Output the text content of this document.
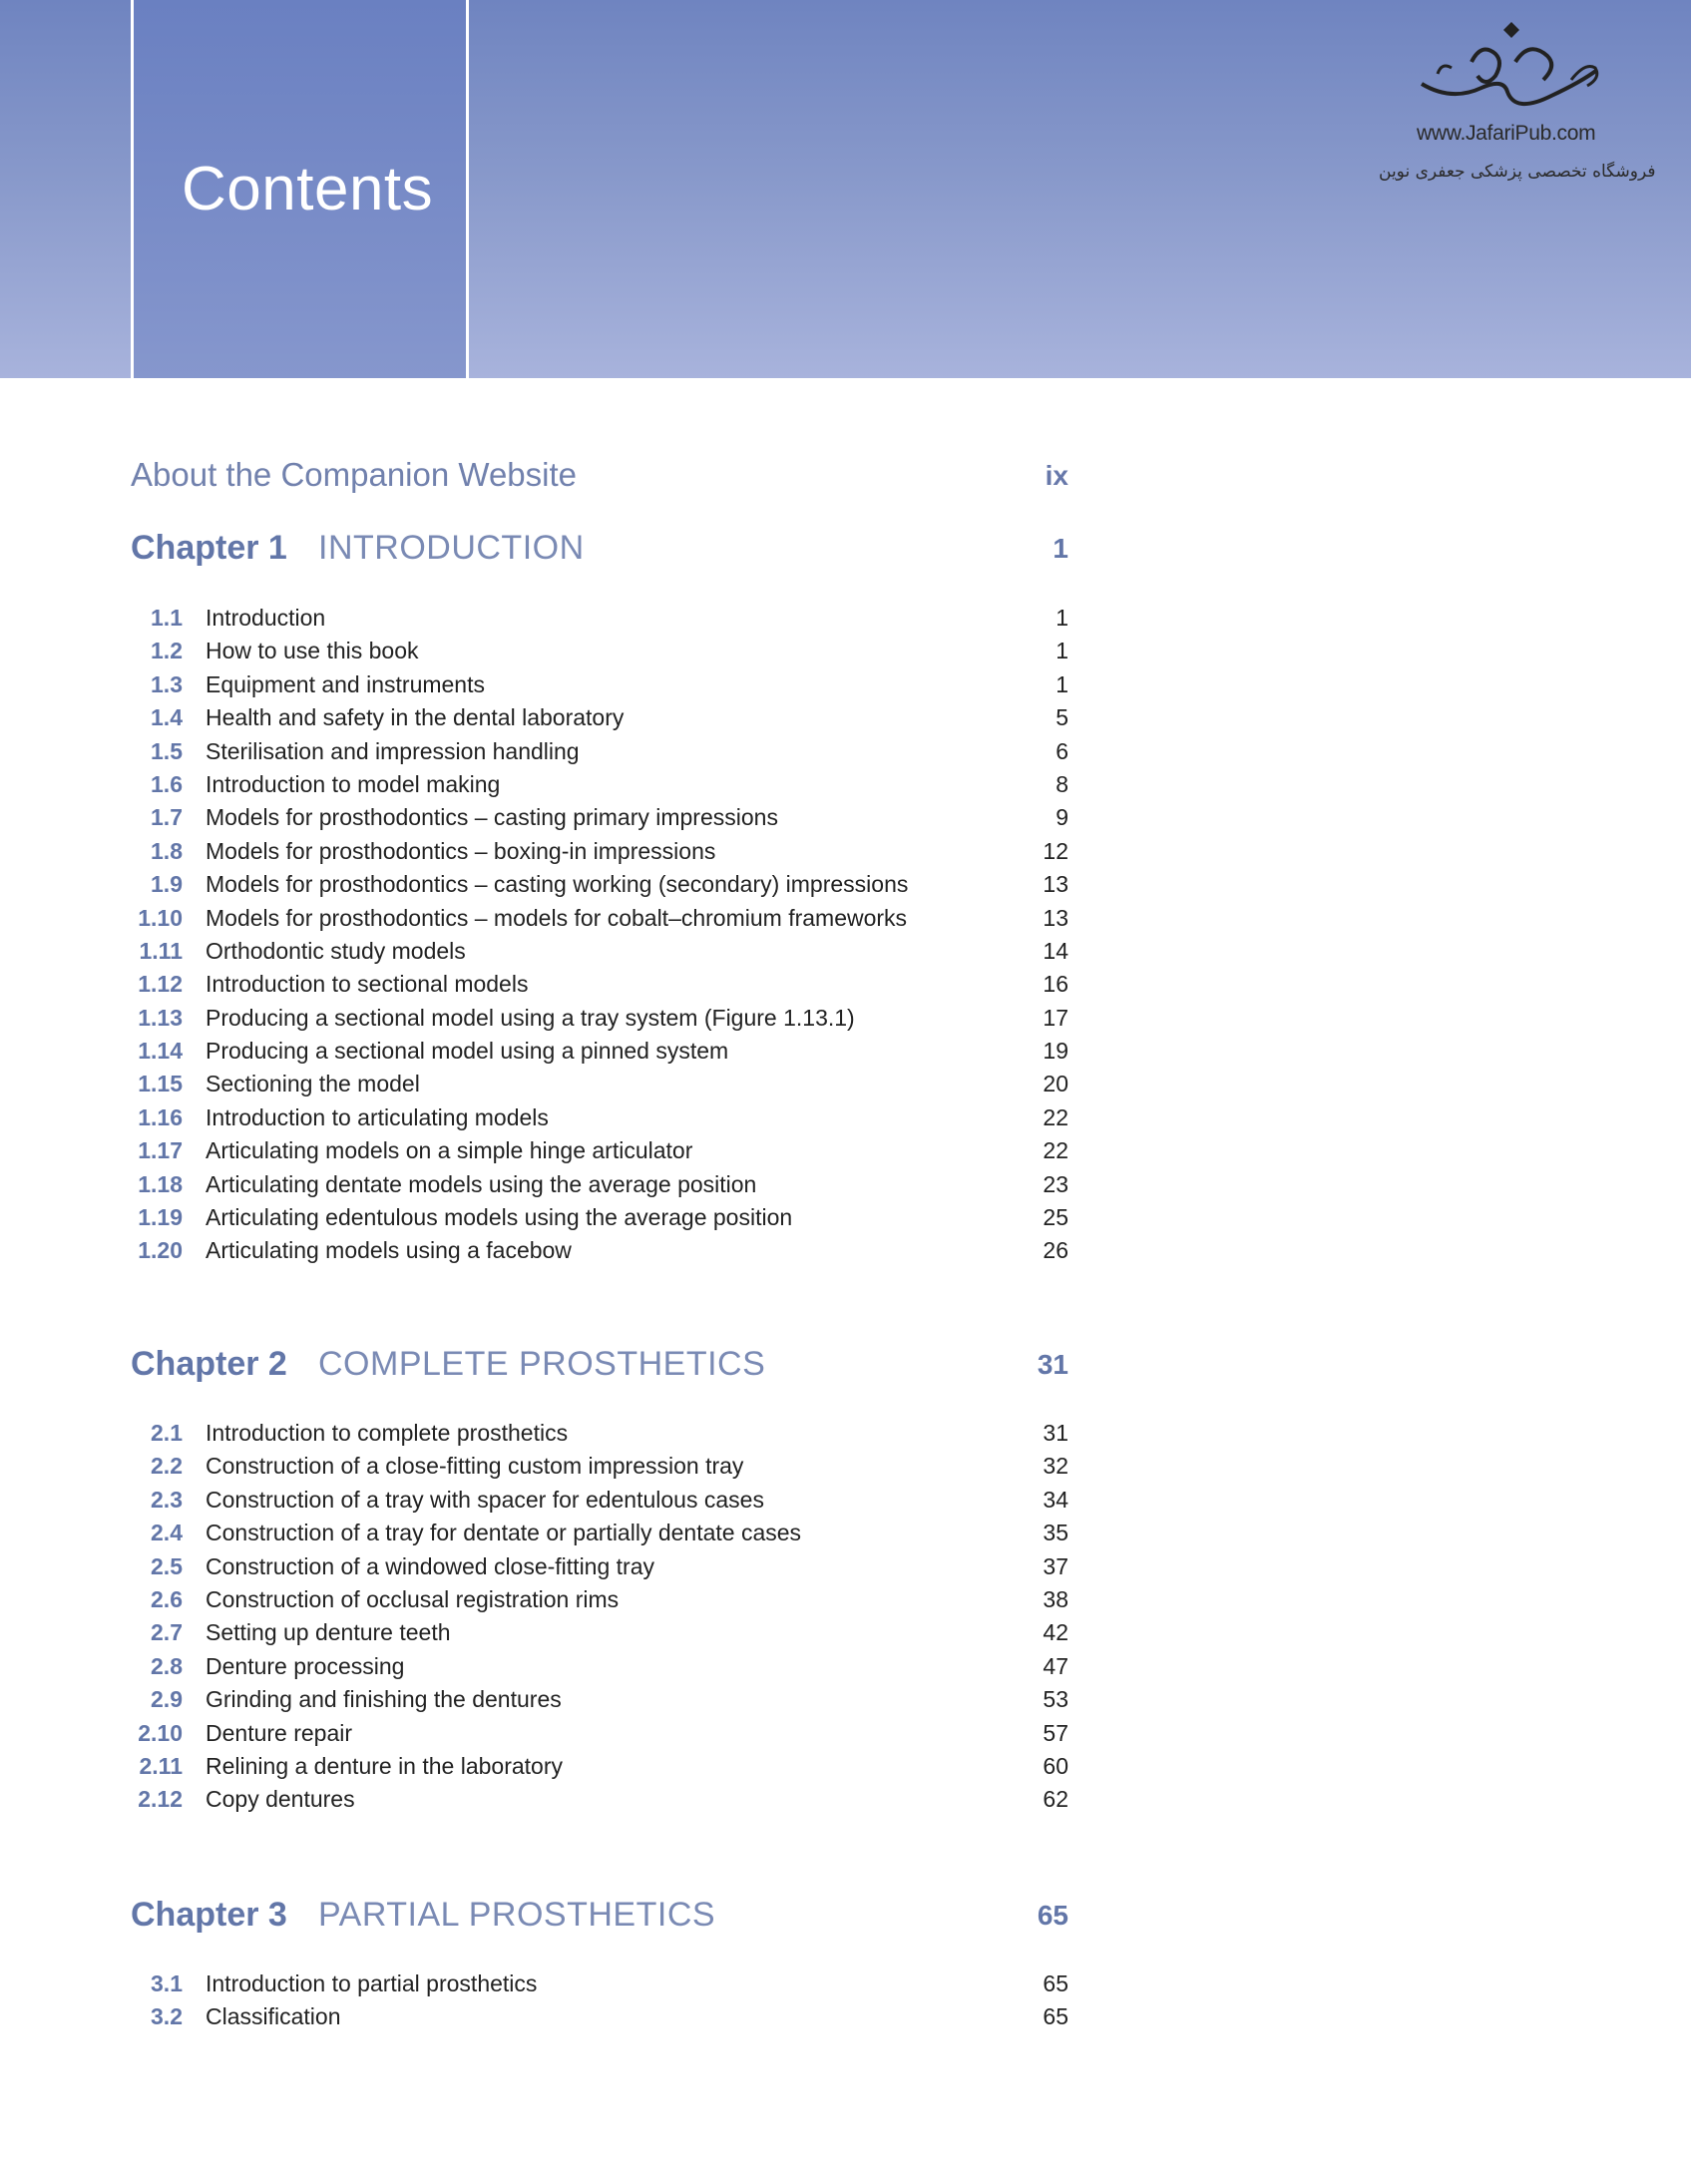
Contents
www.JafariPub.com
فروشگاه تخصصی پزشکی جعفری نوین
About the Companion Website	ix
Chapter 1 INTRODUCTION	1
1.1 Introduction	1
1.2 How to use this book	1
1.3 Equipment and instruments	1
1.4 Health and safety in the dental laboratory	5
1.5 Sterilisation and impression handling	6
1.6 Introduction to model making	8
1.7 Models for prosthodontics – casting primary impressions	9
1.8 Models for prosthodontics – boxing-in impressions	12
1.9 Models for prosthodontics – casting working (secondary) impressions	13
1.10 Models for prosthodontics – models for cobalt–chromium frameworks	13
1.11 Orthodontic study models	14
1.12 Introduction to sectional models	16
1.13 Producing a sectional model using a tray system (Figure 1.13.1)	17
1.14 Producing a sectional model using a pinned system	19
1.15 Sectioning the model	20
1.16 Introduction to articulating models	22
1.17 Articulating models on a simple hinge articulator	22
1.18 Articulating dentate models using the average position	23
1.19 Articulating edentulous models using the average position	25
1.20 Articulating models using a facebow	26
Chapter 2 COMPLETE PROSTHETICS	31
2.1 Introduction to complete prosthetics	31
2.2 Construction of a close-fitting custom impression tray	32
2.3 Construction of a tray with spacer for edentulous cases	34
2.4 Construction of a tray for dentate or partially dentate cases	35
2.5 Construction of a windowed close-fitting tray	37
2.6 Construction of occlusal registration rims	38
2.7 Setting up denture teeth	42
2.8 Denture processing	47
2.9 Grinding and finishing the dentures	53
2.10 Denture repair	57
2.11 Relining a denture in the laboratory	60
2.12 Copy dentures	62
Chapter 3 PARTIAL PROSTHETICS	65
3.1 Introduction to partial prosthetics	65
3.2 Classification	65
